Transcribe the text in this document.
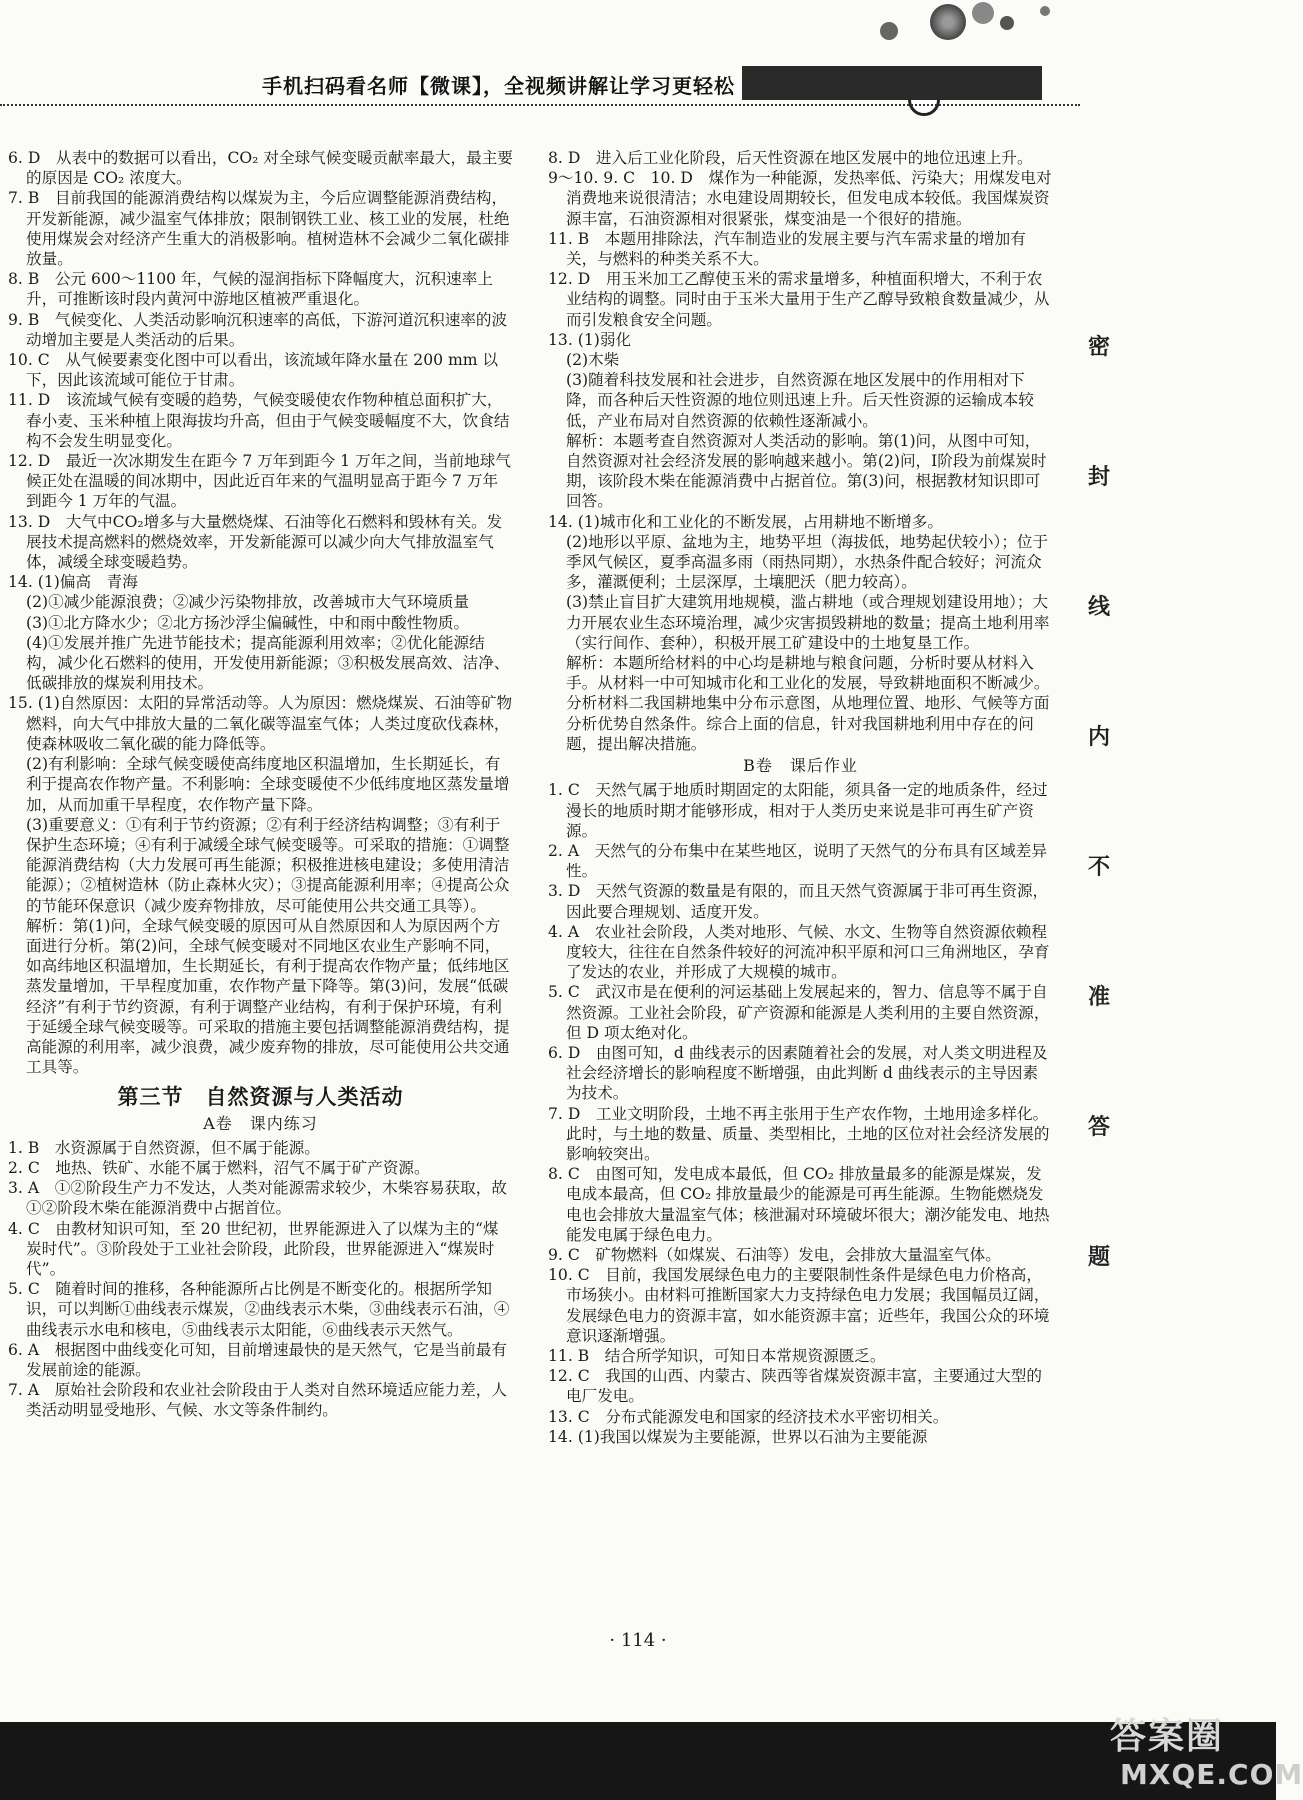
手机扫码看名师【微课】，全视频讲解让学习更轻松

6. D　从表中的数据可以看出，CO₂ 对全球气候变暖贡献率最大，最主要的原因是 CO₂ 浓度大。

7. B　目前我国的能源消费结构以煤炭为主，今后应调整能源消费结构，开发新能源，减少温室气体排放；限制钢铁工业、核工业的发展，杜绝使用煤炭会对经济产生重大的消极影响。植树造林不会减少二氧化碳排放量。

8. B　公元 600～1100 年，气候的湿润指标下降幅度大，沉积速率上升，可推断该时段内黄河中游地区植被严重退化。

9. B　气候变化、人类活动影响沉积速率的高低，下游河道沉积速率的波动增加主要是人类活动的后果。

10. C　从气候要素变化图中可以看出，该流域年降水量在 200 mm 以下，因此该流域可能位于甘肃。

11. D　该流域气候有变暖的趋势，气候变暖使农作物种植总面积扩大，春小麦、玉米种植上限海拔均升高，但由于气候变暖幅度不大，饮食结构不会发生明显变化。

12. D　最近一次冰期发生在距今 7 万年到距今 1 万年之间，当前地球气候正处在温暖的间冰期中，因此近百年来的气温明显高于距今 7 万年到距今 1 万年的气温。

13. D　大气中CO₂增多与大量燃烧煤、石油等化石燃料和毁林有关。发展技术提高燃料的燃烧效率，开发新能源可以减少向大气排放温室气体，减缓全球变暖趋势。

14. (1)偏高　青海

(2)①减少能源浪费；②减少污染物排放，改善城市大气环境质量

(3)①北方降水少；②北方扬沙浮尘偏碱性，中和雨中酸性物质。

(4)①发展并推广先进节能技术；提高能源利用效率；②优化能源结构，减少化石燃料的使用，开发使用新能源；③积极发展高效、洁净、低碳排放的煤炭利用技术。

15. (1)自然原因：太阳的异常活动等。人为原因：燃烧煤炭、石油等矿物燃料，向大气中排放大量的二氧化碳等温室气体；人类过度砍伐森林，使森林吸收二氧化碳的能力降低等。

(2)有利影响：全球气候变暖使高纬度地区积温增加，生长期延长，有利于提高农作物产量。不利影响：全球变暖使不少低纬度地区蒸发量增加，从而加重干旱程度，农作物产量下降。

(3)重要意义：①有利于节约资源；②有利于经济结构调整；③有利于保护生态环境；④有利于减缓全球气候变暖等。可采取的措施：①调整能源消费结构（大力发展可再生能源；积极推进核电建设；多使用清洁能源）；②植树造林（防止森林火灾）；③提高能源利用率；④提高公众的节能环保意识（减少废弃物排放，尽可能使用公共交通工具等）。

解析：第(1)问，全球气候变暖的原因可从自然原因和人为原因两个方面进行分析。第(2)问，全球气候变暖对不同地区农业生产影响不同，如高纬地区积温增加，生长期延长，有利于提高农作物产量；低纬地区蒸发量增加，干旱程度加重，农作物产量下降等。第(3)问，发展“低碳经济”有利于节约资源，有利于调整产业结构，有利于保护环境，有利于延缓全球气候变暖等。可采取的措施主要包括调整能源消费结构，提高能源的利用率，减少浪费，减少废弃物的排放，尽可能使用公共交通工具等。

第三节　自然资源与人类活动
A卷　课内练习

1. B　水资源属于自然资源，但不属于能源。

2. C　地热、铁矿、水能不属于燃料，沼气不属于矿产资源。

3. A　①②阶段生产力不发达，人类对能源需求较少，木柴容易获取，故①②阶段木柴在能源消费中占据首位。

4. C　由教材知识可知，至 20 世纪初，世界能源进入了以煤为主的“煤炭时代”。③阶段处于工业社会阶段，此阶段，世界能源进入“煤炭时代”。

5. C　随着时间的推移，各种能源所占比例是不断变化的。根据所学知识，可以判断①曲线表示煤炭，②曲线表示木柴，③曲线表示石油，④曲线表示水电和核电，⑤曲线表示太阳能，⑥曲线表示天然气。

6. A　根据图中曲线变化可知，目前增速最快的是天然气，它是当前最有发展前途的能源。

7. A　原始社会阶段和农业社会阶段由于人类对自然环境适应能力差，人类活动明显受地形、气候、水文等条件制约。

8. D　进入后工业化阶段，后天性资源在地区发展中的地位迅速上升。

9～10. 9. C　10. D　煤作为一种能源，发热率低、污染大；用煤发电对消费地来说很清洁；水电建设周期较长，但发电成本较低。我国煤炭资源丰富，石油资源相对很紧张，煤变油是一个很好的措施。

11. B　本题用排除法，汽车制造业的发展主要与汽车需求量的增加有关，与燃料的种类关系不大。

12. D　用玉米加工乙醇使玉米的需求量增多，种植面积增大，不利于农业结构的调整。同时由于玉米大量用于生产乙醇导致粮食数量减少，从而引发粮食安全问题。

13. (1)弱化

(2)木柴

(3)随着科技发展和社会进步，自然资源在地区发展中的作用相对下降，而各种后天性资源的地位则迅速上升。后天性资源的运输成本较低，产业布局对自然资源的依赖性逐渐减小。

解析：本题考查自然资源对人类活动的影响。第(1)问，从图中可知，自然资源对社会经济发展的影响越来越小。第(2)问，Ⅰ阶段为前煤炭时期，该阶段木柴在能源消费中占据首位。第(3)问，根据教材知识即可回答。

14. (1)城市化和工业化的不断发展，占用耕地不断增多。

(2)地形以平原、盆地为主，地势平坦（海拔低，地势起伏较小）；位于季风气候区，夏季高温多雨（雨热同期），水热条件配合较好；河流众多，灌溉便利；土层深厚，土壤肥沃（肥力较高）。

(3)禁止盲目扩大建筑用地规模，滥占耕地（或合理规划建设用地）；大力开展农业生态环境治理，减少灾害损毁耕地的数量；提高土地利用率（实行间作、套种），积极开展工矿建设中的土地复垦工作。

解析：本题所给材料的中心均是耕地与粮食问题，分析时要从材料入手。从材料一中可知城市化和工业化的发展，导致耕地面积不断减少。分析材料二我国耕地集中分布示意图，从地理位置、地形、气候等方面分析优势自然条件。综合上面的信息，针对我国耕地利用中存在的问题，提出解决措施。

B卷　课后作业

1. C　天然气属于地质时期固定的太阳能，须具备一定的地质条件，经过漫长的地质时期才能够形成，相对于人类历史来说是非可再生矿产资源。

2. A　天然气的分布集中在某些地区，说明了天然气的分布具有区域差异性。

3. D　天然气资源的数量是有限的，而且天然气资源属于非可再生资源，因此要合理规划、适度开发。

4. A　农业社会阶段，人类对地形、气候、水文、生物等自然资源依赖程度较大，往往在自然条件较好的河流冲积平原和河口三角洲地区，孕育了发达的农业，并形成了大规模的城市。

5. C　武汉市是在便利的河运基础上发展起来的，智力、信息等不属于自然资源。工业社会阶段，矿产资源和能源是人类利用的主要自然资源，但 D 项太绝对化。

6. D　由图可知，d 曲线表示的因素随着社会的发展，对人类文明进程及社会经济增长的影响程度不断增强，由此判断 d 曲线表示的主导因素为技术。

7. D　工业文明阶段，土地不再主张用于生产农作物，土地用途多样化。此时，与土地的数量、质量、类型相比，土地的区位对社会经济发展的影响较突出。

8. C　由图可知，发电成本最低，但 CO₂ 排放量最多的能源是煤炭，发电成本最高，但 CO₂ 排放量最少的能源是可再生能源。生物能燃烧发电也会排放大量温室气体；核泄漏对环境破坏很大；潮汐能发电、地热能发电属于绿色电力。

9. C　矿物燃料（如煤炭、石油等）发电，会排放大量温室气体。

10. C　目前，我国发展绿色电力的主要限制性条件是绿色电力价格高，市场狭小。由材料可推断国家大力支持绿色电力发展；我国幅员辽阔，发展绿色电力的资源丰富，如水能资源丰富；近些年，我国公众的环境意识逐渐增强。

11. B　结合所学知识，可知日本常规资源匮乏。

12. C　我国的山西、内蒙古、陕西等省煤炭资源丰富，主要通过大型的电厂发电。

13. C　分布式能源发电和国家的经济技术水平密切相关。

14. (1)我国以煤炭为主要能源，世界以石油为主要能源

密
封
线
内
不
准
答
题
· 114 ·
答案圈
MXQE.COM
